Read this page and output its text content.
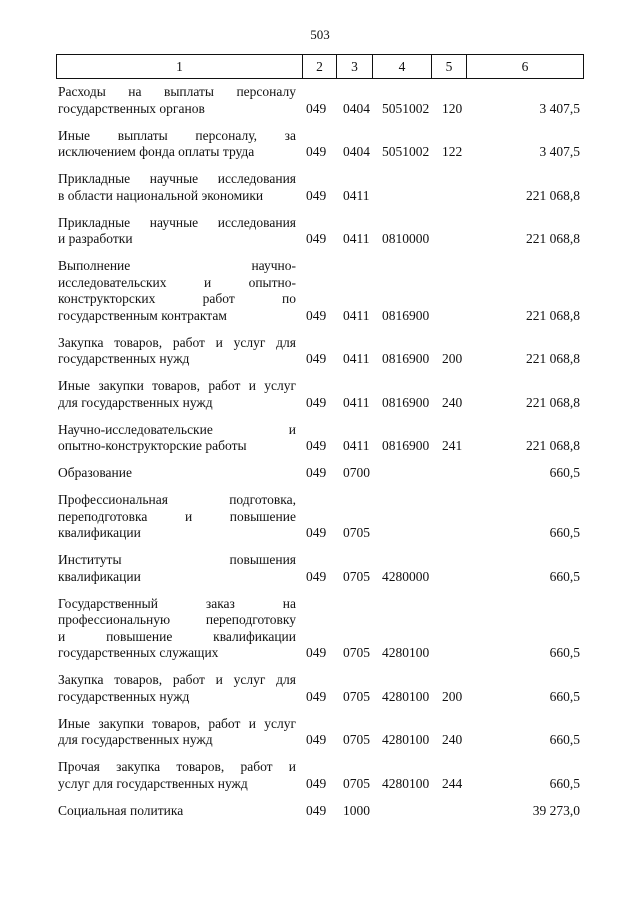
503
1	2	3	4	5	6
Расходы на выплаты персоналу
государственных органов	049 0404 5051002 120	3 407,5
Иные выплаты персоналу, за
исключением фонда оплаты труда	049 0404 5051002 122	3 407,5
Прикладные научные исследования
в области национальной экономики	049 0411	221 068,8
Прикладные научные исследования
и разработки	049 0411 0810000	221 068,8
Выполнение научно-
исследовательских и опытно-
конструкторских работ по
государственным контрактам	049 0411 0816900	221 068,8
Закупка товаров, работ и услуг для
государственных нужд	049 0411 0816900 200	221 068,8
Иные закупки товаров, работ и услуг
для государственных нужд	049 0411 0816900 240	221 068,8
Научно-исследовательские и
опытно-конструкторские работы	049 0411 0816900 241	221 068,8
Образование	049 0700	660,5
Профессиональная подготовка,
переподготовка и повышение
квалификации	049 0705	660,5
Институты повышения
квалификации	049 0705 4280000	660,5
Государственный заказ на
профессиональную переподготовку
и повышение квалификации
государственных служащих	049 0705 4280100	660,5
Закупка товаров, работ и услуг для
государственных нужд	049 0705 4280100 200	660,5
Иные закупки товаров, работ и услуг
для государственных нужд	049 0705 4280100 240	660,5
Прочая закупка товаров, работ и
услуг для государственных нужд	049 0705 4280100 244	660,5
Социальная политика	049 1000	39 273,0
